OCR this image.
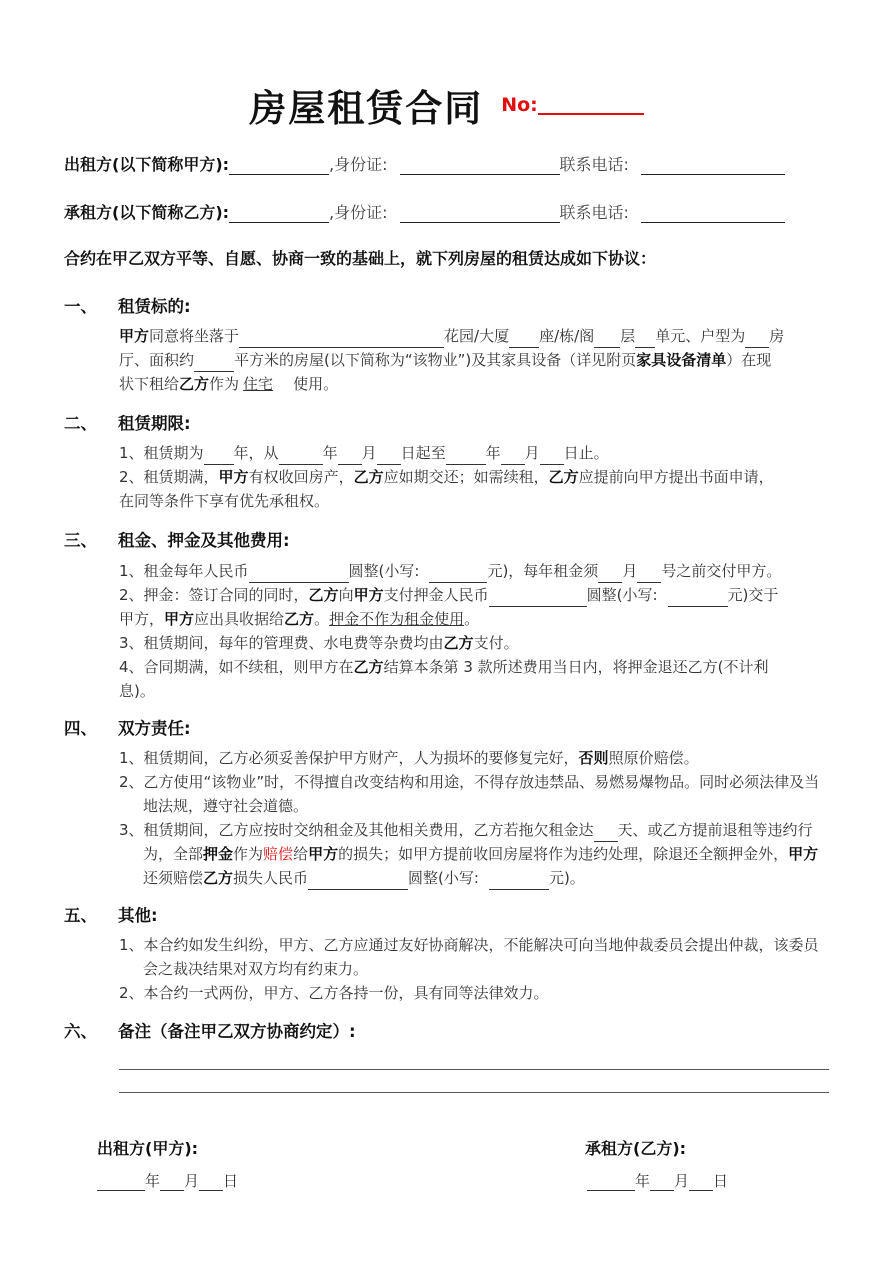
房屋租赁合同 No:
出租方(以下简称甲方):	,身份证:	联系电话:
承租方(以下简称乙方):	,身份证:	联系电话:
合约在甲乙双方平等、自愿、协商一致的基础上，就下列房屋的租赁达成如下协议：
一、 租赁标的:
甲方同意将坐落于	花园/大厦 座/栋/阁 层 单元、户型为 房
厅、面积约	平方米的房屋(以下简称为“该物业”)及其家具设备（详见附页家具设备清单）在现
状下租给乙方作为 住宅 使用。
二、 租赁期限:
1、租赁期为 年，从	年 月 日起至	年 月 日止。
2、租赁期满，甲方有权收回房产，乙方应如期交还；如需续租，乙方应提前向甲方提出书面申请，
在同等条件下享有优先承租权。
三、 租金、押金及其他费用:
1、租金每年人民币	圆整(小写:	元)，每年租金须 月 号之前交付甲方。
2、押金：签订合同的同时，乙方向甲方支付押金人民币	圆整(小写:	元)交于
甲方，甲方应出具收据给乙方。押金不作为租金使用。
3、租赁期间，每年的管理费、水电费等杂费均由乙方支付。
4、合同期满，如不续租，则甲方在乙方结算本条第 3 款所述费用当日内，将押金退还乙方(不计利
息)。
四、 双方责任:
1、租赁期间，乙方必须妥善保护甲方财产，人为损坏的要修复完好，否则照原价赔偿。
2、乙方使用“该物业”时，不得擅自改变结构和用途，不得存放违禁品、易燃易爆物品。同时必须法律及当地法规，遵守社会道德。
3、租赁期间，乙方应按时交纳租金及其他相关费用，乙方若拖欠租金达 天、或乙方提前退租等违约行为，全部押金作为赔偿给甲方的损失；如甲方提前收回房屋将作为违约处理，除退还全额押金外，甲方还须赔偿乙方损失人民币	圆整(小写:	元)。
五、 其他:
1、本合约如发生纠纷，甲方、乙方应通过友好协商解决，不能解决可向当地仲裁委员会提出仲裁，该委员会之裁决结果对双方均有约束力。
2、本合约一式两份，甲方、乙方各持一份，具有同等法律效力。
六、 备注（备注甲乙双方协商约定）:
出租方(甲方):	承租方(乙方):
年 月 日	年 月 日
